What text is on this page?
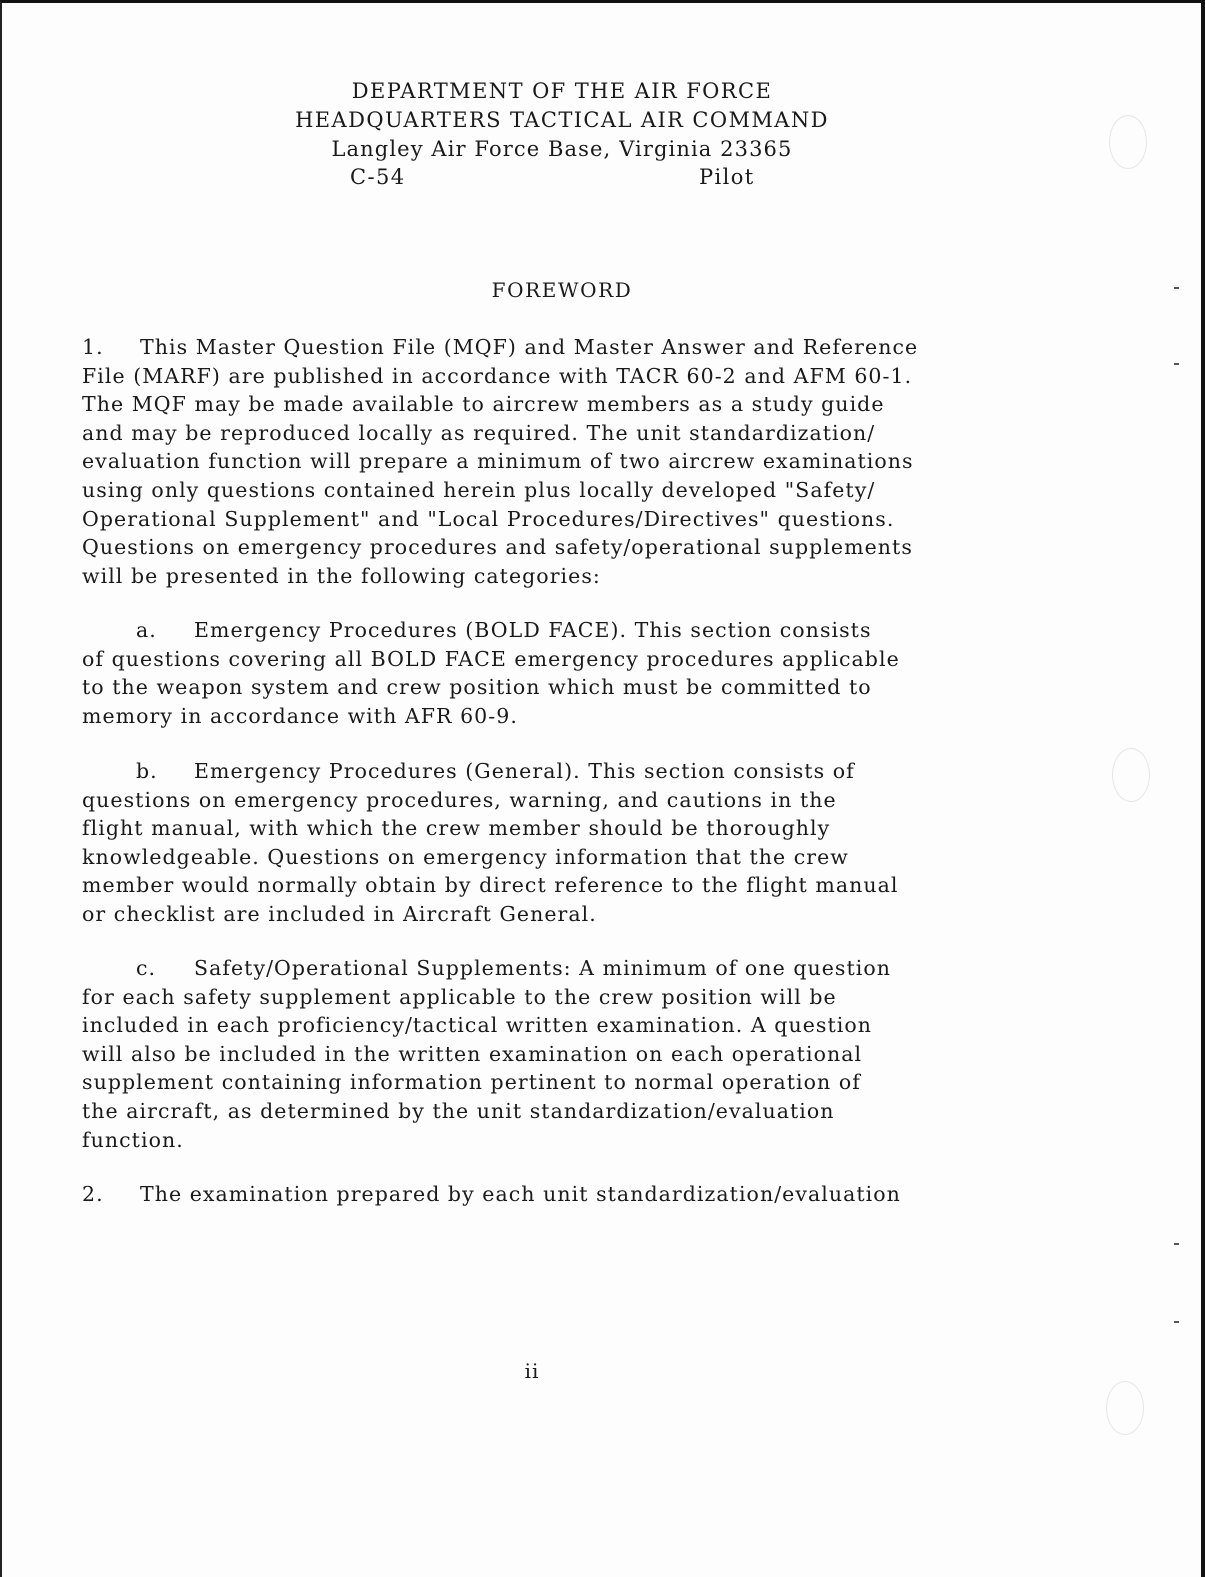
DEPARTMENT OF THE AIR FORCE
HEADQUARTERS TACTICAL AIR COMMAND
Langley Air Force Base, Virginia 23365
C-54	Pilot
FOREWORD
1. This Master Question File (MQF) and Master Answer and Reference
File (MARF) are published in accordance with TACR 60-2 and AFM 60-1.
The MQF may be made available to aircrew members as a study guide
and may be reproduced locally as required. The unit standardization/
evaluation function will prepare a minimum of two aircrew examinations
using only questions contained herein plus locally developed "Safety/
Operational Supplement" and "Local Procedures/Directives" questions.
Questions on emergency procedures and safety/operational supplements
will be presented in the following categories:
a. Emergency Procedures (BOLD FACE). This section consists
of questions covering all BOLD FACE emergency procedures applicable
to the weapon system and crew position which must be committed to
memory in accordance with AFR 60-9.
b. Emergency Procedures (General). This section consists of
questions on emergency procedures, warning, and cautions in the
flight manual, with which the crew member should be thoroughly
knowledgeable. Questions on emergency information that the crew
member would normally obtain by direct reference to the flight manual
or checklist are included in Aircraft General.
c. Safety/Operational Supplements: A minimum of one question
for each safety supplement applicable to the crew position will be
included in each proficiency/tactical written examination. A question
will also be included in the written examination on each operational
supplement containing information pertinent to normal operation of
the aircraft, as determined by the unit standardization/evaluation
function.
2. The examination prepared by each unit standardization/evaluation
ii
